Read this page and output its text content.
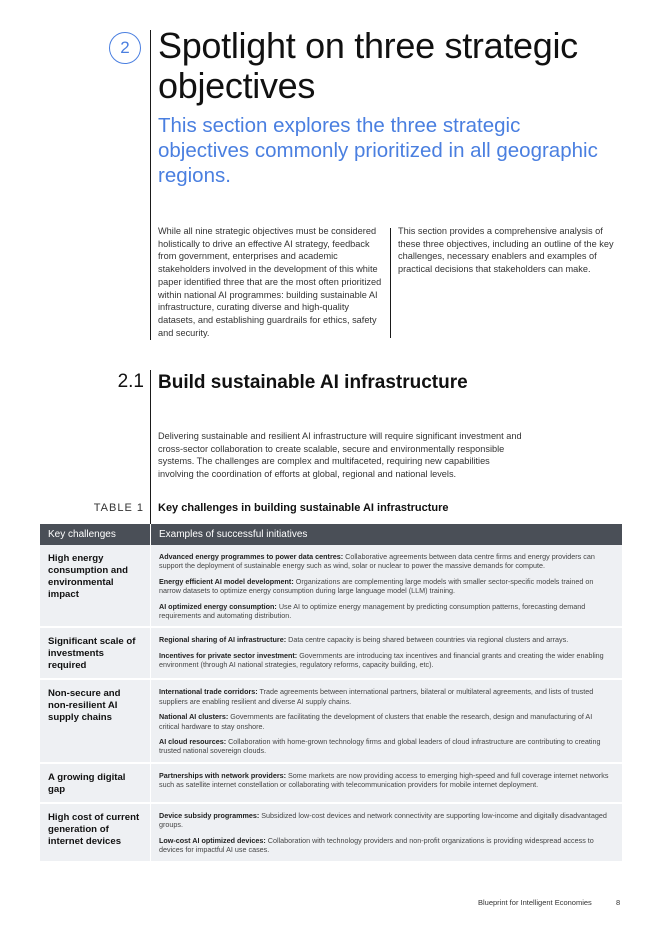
2 Spotlight on three strategic objectives

This section explores the three strategic objectives commonly prioritized in all geographic regions.

While all nine strategic objectives must be considered holistically to drive an effective AI strategy, feedback from government, enterprises and academic stakeholders involved in the development of this white paper identified three that are the most often prioritized within national AI programmes: building sustainable AI infrastructure, curating diverse and high-quality datasets, and establishing guardrails for ethics, safety and security.

This section provides a comprehensive analysis of these three objectives, including an outline of the key challenges, necessary enablers and examples of practical decisions that stakeholders can make.

2.1 Build sustainable AI infrastructure

Delivering sustainable and resilient AI infrastructure will require significant investment and cross-sector collaboration to create scalable, secure and environmentally responsible systems. The challenges are complex and multifaceted, requiring new capabilities involving the coordination of efforts at global, regional and national levels.

TABLE 1 Key challenges in building sustainable AI infrastructure
Key challenges	Examples of successful initiatives
High energy consumption and environmental impact

Advanced energy programmes to power data centres: Collaborative agreements between data centre firms and energy providers can support the deployment of sustainable energy such as wind, solar or nuclear to power the massive demands for compute.

Energy efficient AI model development: Organizations are complementing large models with smaller sector-specific models trained on narrow datasets to optimize energy consumption during large language model (LLM) training.

AI optimized energy consumption: Use AI to optimize energy management by predicting consumption patterns, forecasting demand requirements and automating distribution.

Significant scale of investments required

Regional sharing of AI infrastructure: Data centre capacity is being shared between countries via regional clusters and arrays.

Incentives for private sector investment: Governments are introducing tax incentives and financial grants and creating the wider enabling environment (through AI national strategies, regulatory reforms, capacity building, etc).

Non-secure and non-resilient AI supply chains

International trade corridors: Trade agreements between international partners, bilateral or multilateral agreements, and lists of trusted suppliers are enabling resilient and diverse AI supply chains.

National AI clusters: Governments are facilitating the development of clusters that enable the research, design and manufacturing of AI critical hardware to stay onshore.

AI cloud resources: Collaboration with home-grown technology firms and global leaders of cloud infrastructure are contributing to creating trusted national sovereign clouds.

A growing digital gap

Partnerships with network providers: Some markets are now providing access to emerging high-speed and full coverage internet networks such as satellite internet constellation or collaborating with telecommunication providers for mobile internet deployment.

High cost of current generation of internet devices

Device subsidy programmes: Subsidized low-cost devices and network connectivity are supporting low-income and digitally disadvantaged groups.

Low-cost AI optimized devices: Collaboration with technology providers and non-profit organizations is providing widespread access to devices for impactful AI use cases.

Blueprint for Intelligent Economies	8
